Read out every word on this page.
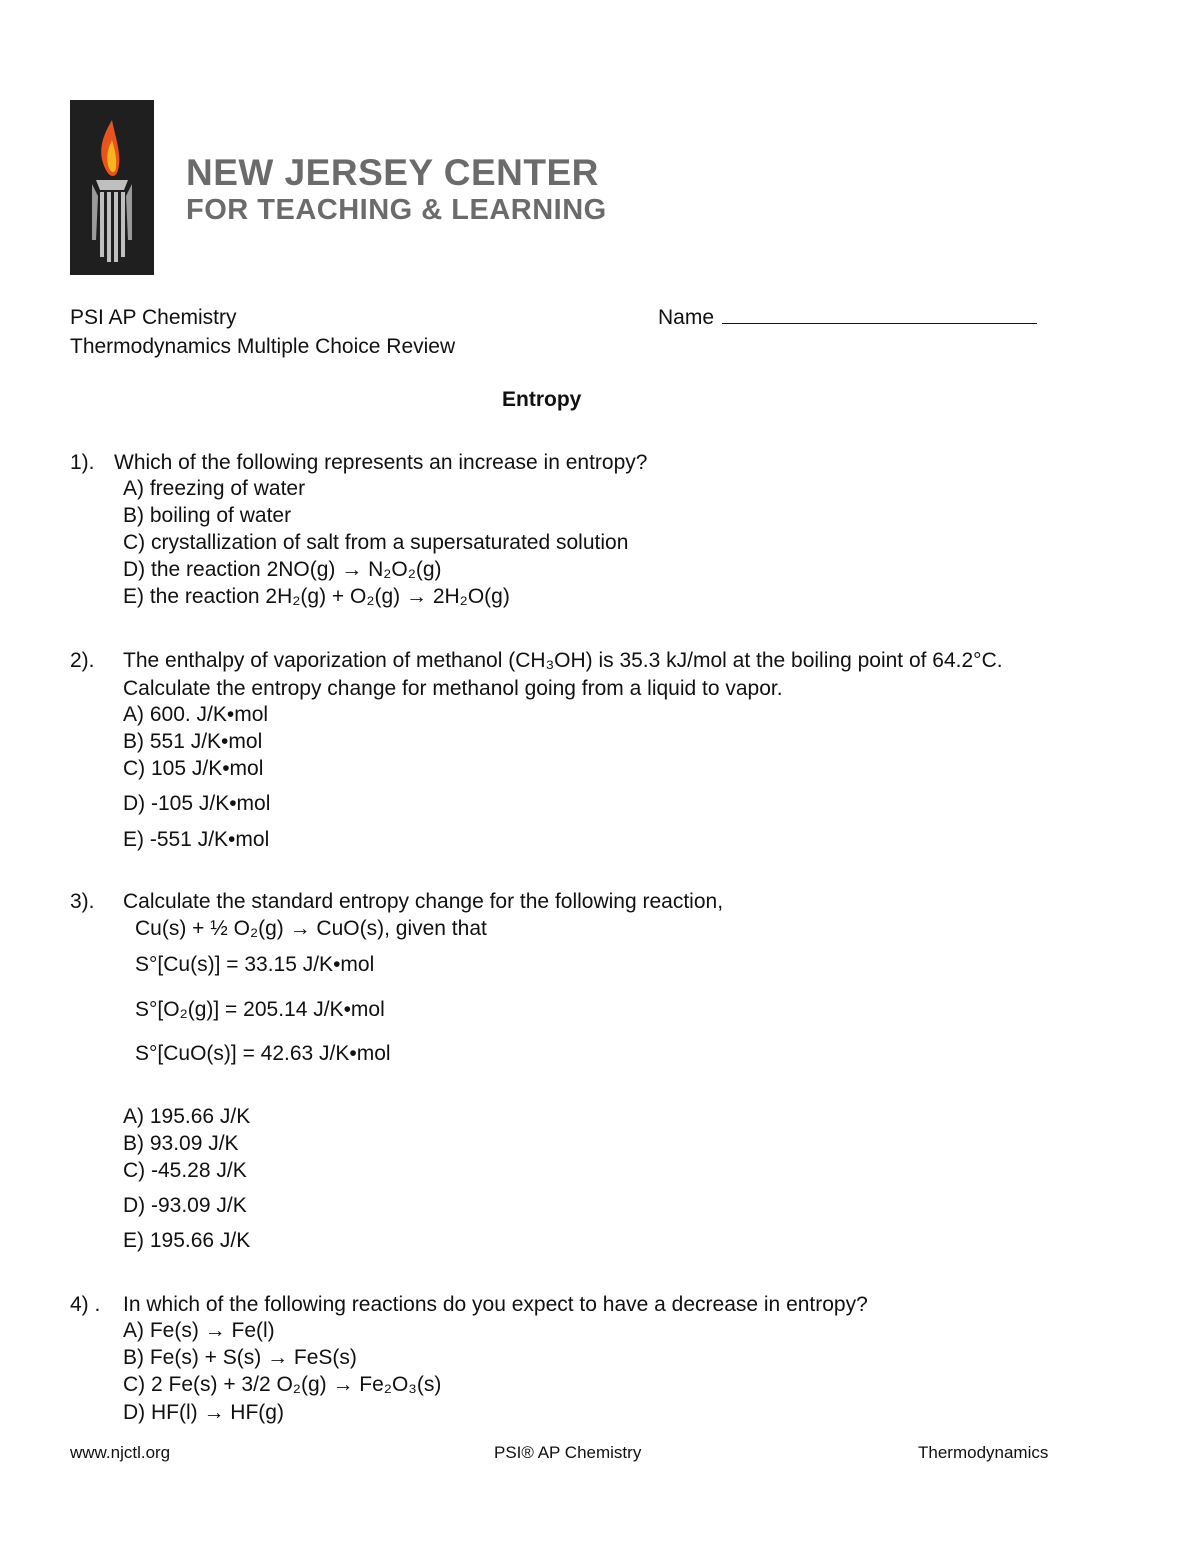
NEW JERSEY CENTER
FOR TEACHING & LEARNING
PSI AP Chemistry
Thermodynamics Multiple Choice Review
Name
Entropy
1). Which of the following represents an increase in entropy?
A) freezing of water
B) boiling of water
C) crystallization of salt from a supersaturated solution
D) the reaction 2NO(g) → N₂O₂(g)
E) the reaction 2H₂(g) + O₂(g) → 2H₂O(g)
2). The enthalpy of vaporization of methanol (CH₃OH) is 35.3 kJ/mol at the boiling point of 64.2°C.
Calculate the entropy change for methanol going from a liquid to vapor.
A) 600. J/K•mol
B) 551 J/K•mol
C) 105 J/K•mol
D) -105 J/K•mol
E) -551 J/K•mol
3). Calculate the standard entropy change for the following reaction,
Cu(s) + ½ O₂(g) → CuO(s), given that
S°[Cu(s)] = 33.15 J/K•mol
S°[O₂(g)] = 205.14 J/K•mol
S°[CuO(s)] = 42.63 J/K•mol
A) 195.66 J/K
B) 93.09 J/K
C) -45.28 J/K
D) -93.09 J/K
E) 195.66 J/K
4) . In which of the following reactions do you expect to have a decrease in entropy?
A) Fe(s) → Fe(l)
B) Fe(s) + S(s) → FeS(s)
C) 2 Fe(s) + 3/2 O₂(g) → Fe₂O₃(s)
D) HF(l) → HF(g)
www.njctl.org	PSI® AP Chemistry	Thermodynamics
